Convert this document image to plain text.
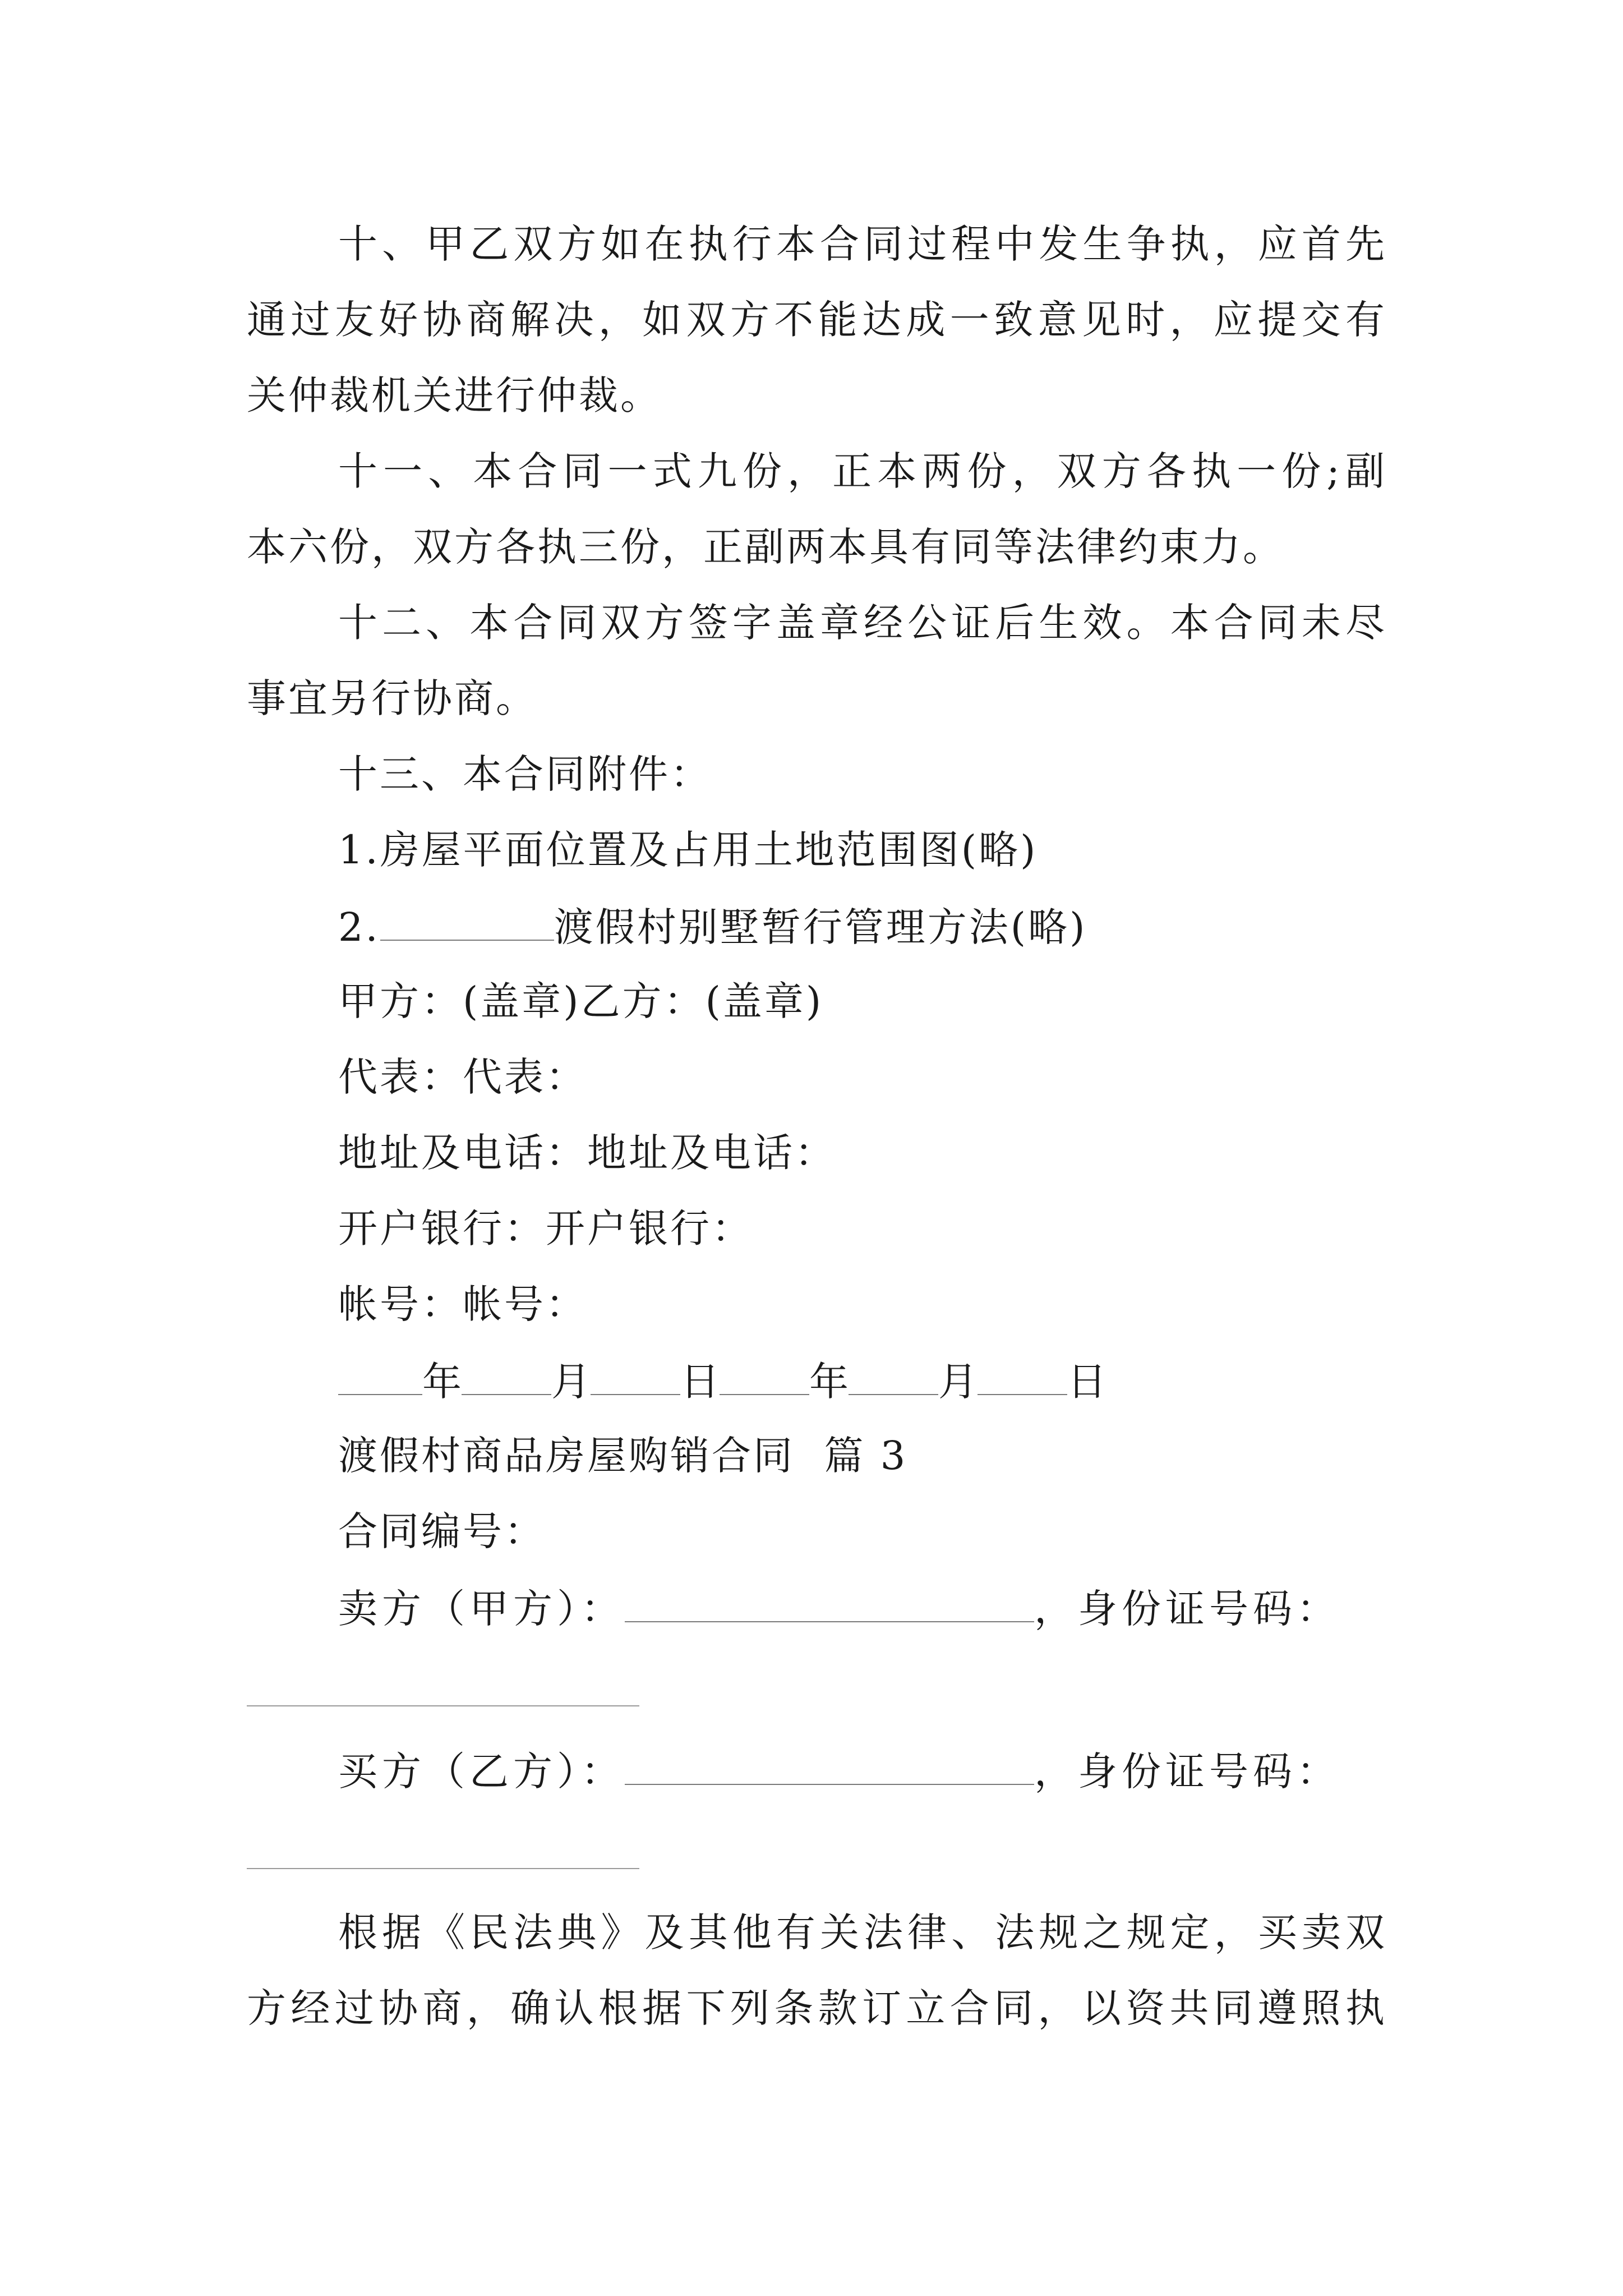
十、甲乙双方如在执行本合同过程中发生争执，应首先
通过友好协商解决，如双方不能达成一致意见时，应提交有
关仲裁机关进行仲裁。
十一、本合同一式九份，正本两份，双方各执一份;副
本六份，双方各执三份，正副两本具有同等法律约束力。
十二、本合同双方签字盖章经公证后生效。本合同未尽
事宜另行协商。
十三、本合同附件：
1.房屋平面位置及占用土地范围图(略)
2.	渡假村别墅暂行管理方法(略)
甲方：(盖章)乙方：(盖章)
代表：代表：
地址及电话：地址及电话：
开户银行：开户银行：
帐号：帐号：
年 月 日 年 月 日
渡假村商品房屋购销合同  篇 3
合同编号：
卖方（甲方）：	，身份证号码：
买方（乙方）：	，身份证号码：
根据《民法典》及其他有关法律、法规之规定，买卖双
方经过协商，确认根据下列条款订立合同，以资共同遵照执
